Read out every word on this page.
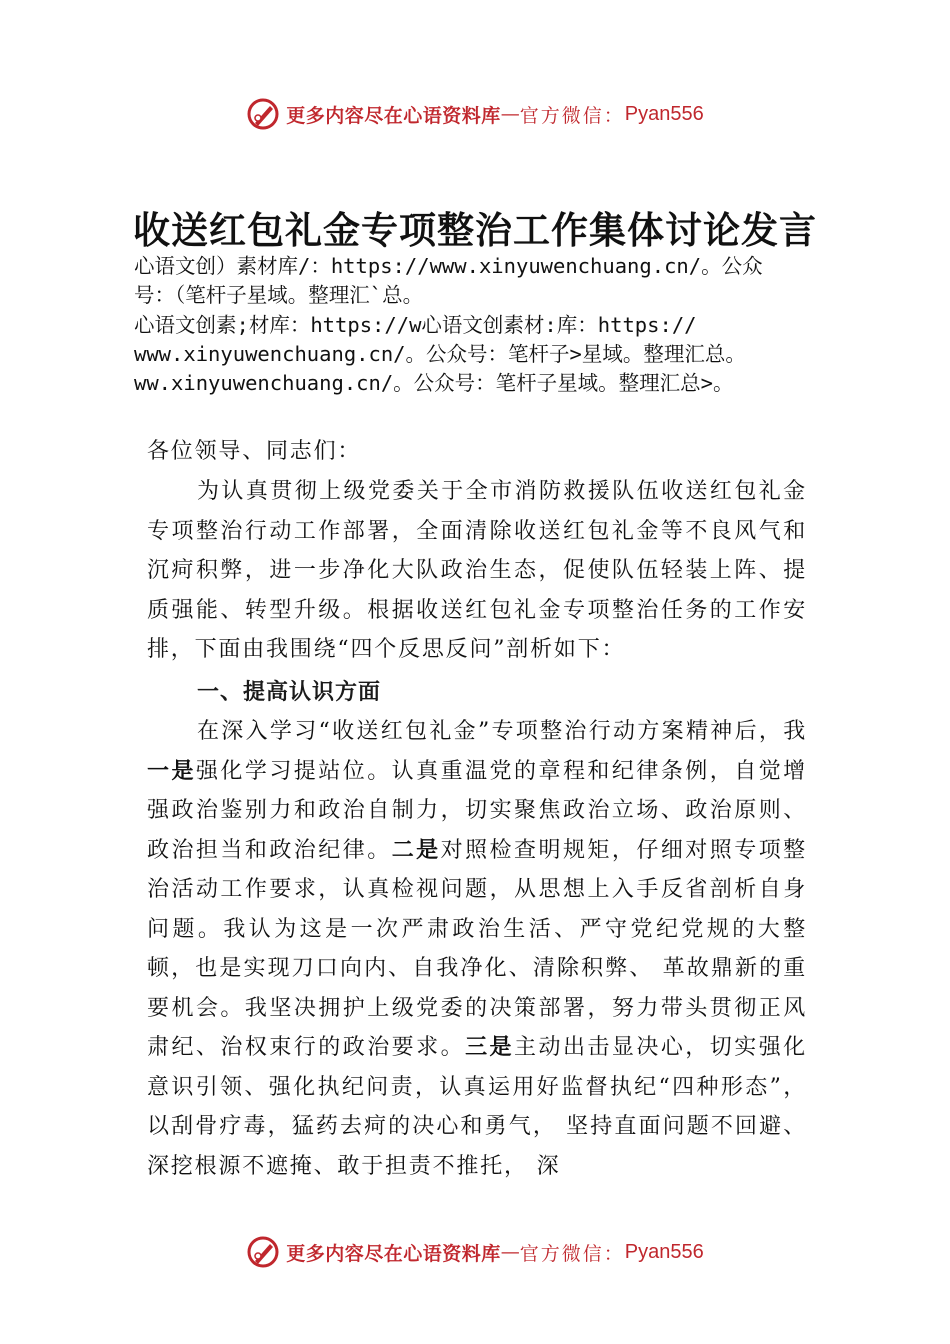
更多内容尽在心语资料库 — 官方微信： Pyan556
收送红包礼金专项整治工作集体讨论发言
心语文创）素材库/：https://www.xinyuwenchuang.cn/。公众
号：（笔杆子星域。整理汇`总。
心语文创素;材库：https://w心语文创素材:库：https://
www.xinyuwenchuang.cn/。公众号：笔杆子>星域。整理汇总。
ww.xinyuwenchuang.cn/。公众号：笔杆子星域。整理汇总>。
各位领导、同志们：
为认真贯彻上级党委关于全市消防救援队伍收送红包礼金专项整治行动工作部署，全面清除收送红包礼金等不良风气和沉疴积弊，进一步净化大队政治生态，促使队伍轻装上阵、提质强能、转型升级。根据收送红包礼金专项整治任务的工作安排，下面由我围绕“四个反思反问”剖析如下：
一、提高认识方面
在深入学习“收送红包礼金”专项整治行动方案精神后，我一是强化学习提站位。认真重温党的章程和纪律条例，自觉增强政治鉴别力和政治自制力，切实聚焦政治立场、政治原则、政治担当和政治纪律。二是对照检查明规矩，仔细对照专项整治活动工作要求，认真检视问题，从思想上入手反省剖析自身问题。我认为这是一次严肃政治生活、严守党纪党规的大整顿，也是实现刀口向内、自我净化、清除积弊、 革故鼎新的重要机会。我坚决拥护上级党委的决策部署，努力带头贯彻正风肃纪、治权束行的政治要求。三是主动出击显决心，切实强化意识引领、强化执纪问责，认真运用好监督执纪“四种形态”，以刮骨疗毒，猛药去疴的决心和勇气， 坚持直面问题不回避、深挖根源不遮掩、敢于担责不推托， 深
更多内容尽在心语资料库 — 官方微信： Pyan556
